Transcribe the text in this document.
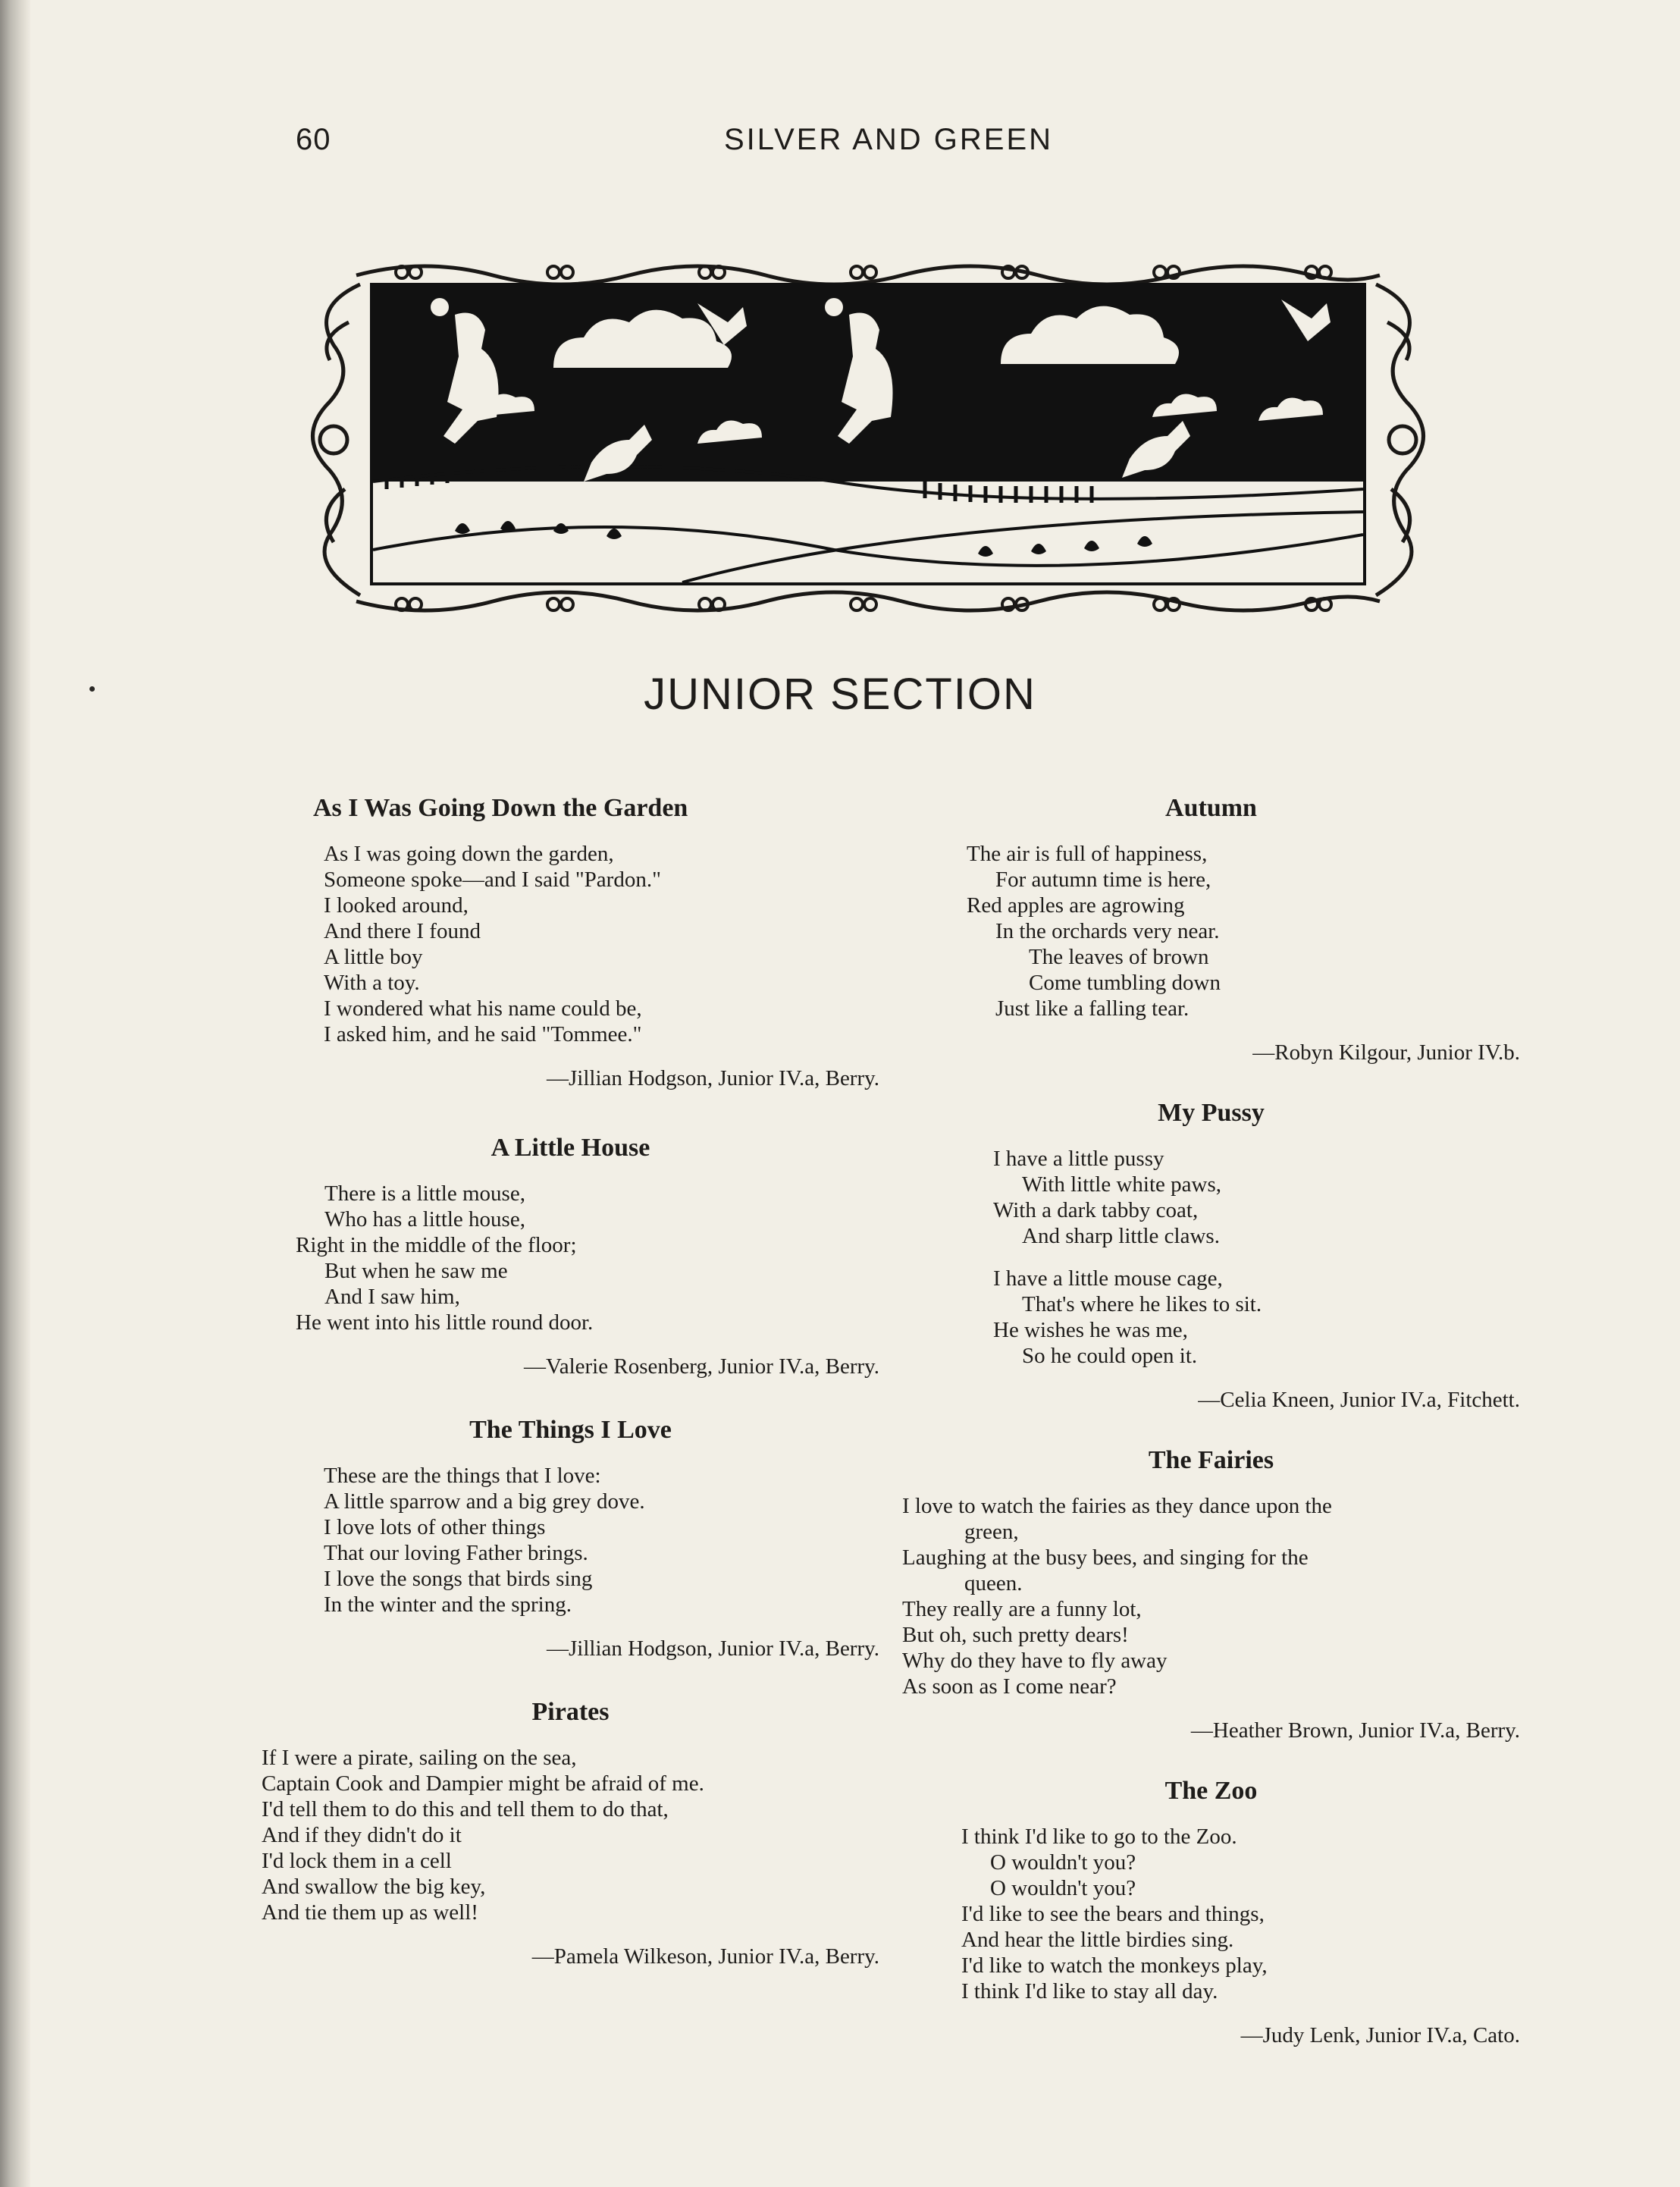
60	SILVER AND GREEN
JUNIOR SECTION
As I Was Going Down the Garden
As I was going down the garden,
Someone spoke—and I said "Pardon."
I looked around,
And there I found
A little boy
With a toy.
I wondered what his name could be,
I asked him, and he said "Tommee."
—Jillian Hodgson, Junior IV.a, Berry.
A Little House
There is a little mouse,
Who has a little house,
Right in the middle of the floor;
But when he saw me
And I saw him,
He went into his little round door.
—Valerie Rosenberg, Junior IV.a, Berry.
The Things I Love
These are the things that I love:
A little sparrow and a big grey dove.
I love lots of other things
That our loving Father brings.
I love the songs that birds sing
In the winter and the spring.
—Jillian Hodgson, Junior IV.a, Berry.
Pirates
If I were a pirate, sailing on the sea,
Captain Cook and Dampier might be afraid of me.
I'd tell them to do this and tell them to do that,
And if they didn't do it
I'd lock them in a cell
And swallow the big key,
And tie them up as well!
—Pamela Wilkeson, Junior IV.a, Berry.
Autumn
The air is full of happiness,
For autumn time is here,
Red apples are agrowing
In the orchards very near.
The leaves of brown
Come tumbling down
Just like a falling tear.
—Robyn Kilgour, Junior IV.b.
My Pussy
I have a little pussy
With little white paws,
With a dark tabby coat,
And sharp little claws.
I have a little mouse cage,
That's where he likes to sit.
He wishes he was me,
So he could open it.
—Celia Kneen, Junior IV.a, Fitchett.
The Fairies
I love to watch the fairies as they dance upon the
green,
Laughing at the busy bees, and singing for the
queen.
They really are a funny lot,
But oh, such pretty dears!
Why do they have to fly away
As soon as I come near?
—Heather Brown, Junior IV.a, Berry.
The Zoo
I think I'd like to go to the Zoo.
O wouldn't you?
O wouldn't you?
I'd like to see the bears and things,
And hear the little birdies sing.
I'd like to watch the monkeys play,
I think I'd like to stay all day.
—Judy Lenk, Junior IV.a, Cato.
